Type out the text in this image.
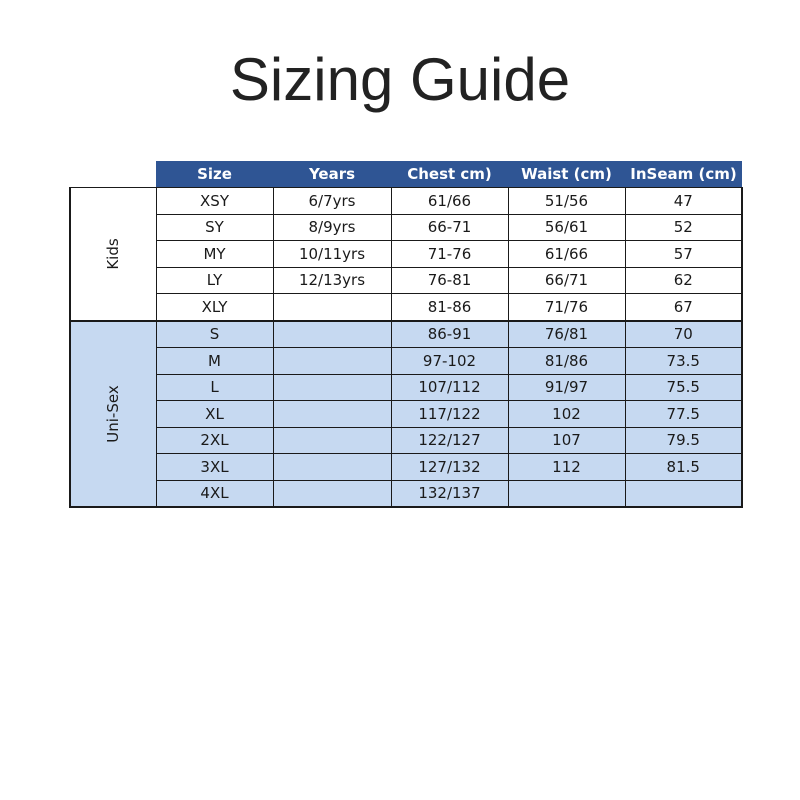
Sizing Guide
	Size	Years	Chest cm)	Waist (cm)	InSeam (cm)

Kids	XSY	6/7yrs	61/66	51/56	47
	SY	8/9yrs	66-71	56/61	52
	MY	10/11yrs	71-76	61/66	57
	LY	12/13yrs	76-81	66/71	62
	XLY		81-86	71/76	67

Uni-Sex	S		86-91	76/81	70
	M		97-102	81/86	73.5
	L		107/112	91/97	75.5
	XL		117/122	102	77.5
	2XL		122/127	107	79.5
	3XL		127/132	112	81.5
	4XL		132/137		
